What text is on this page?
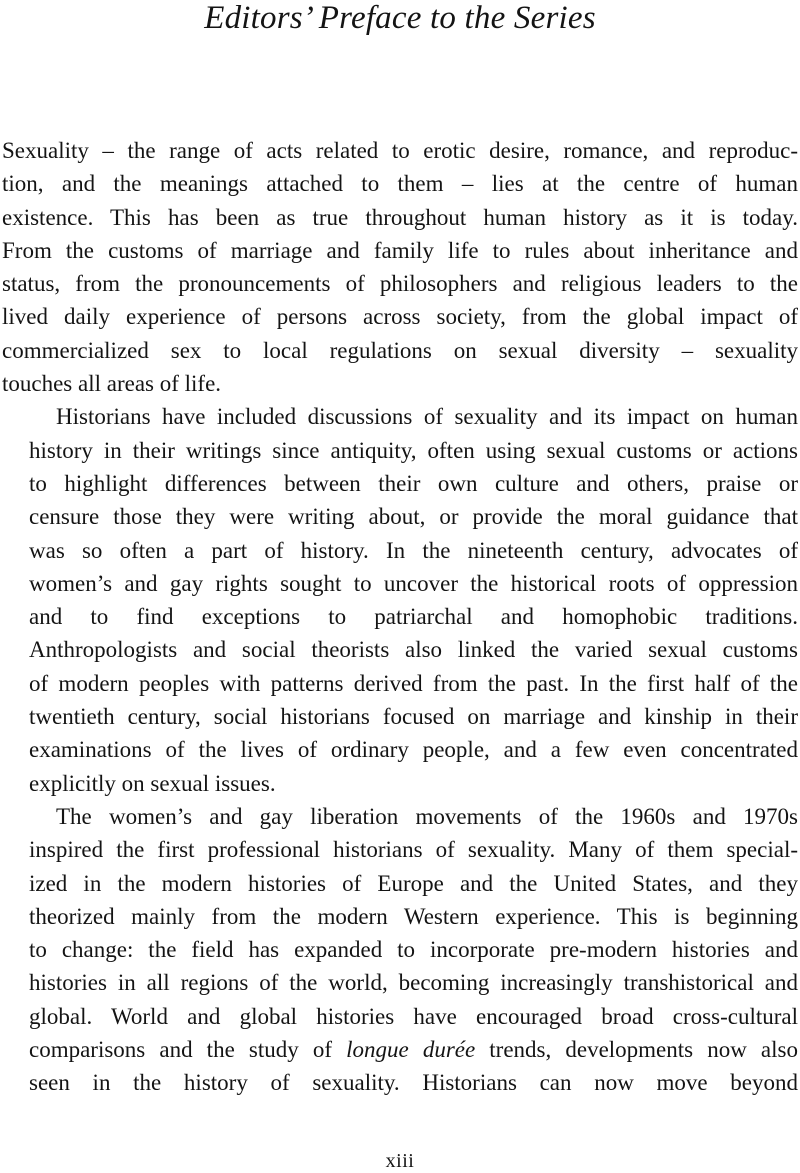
Editors’ Preface to the Series

Sexuality – the range of acts related to erotic desire, romance, and reproduc-
tion, and the meanings attached to them – lies at the centre of human
existence. This has been as true throughout human history as it is today.
From the customs of marriage and family life to rules about inheritance and
status, from the pronouncements of philosophers and religious leaders to the
lived daily experience of persons across society, from the global impact of
commercialized sex to local regulations on sexual diversity – sexuality
touches all areas of life.

Historians have included discussions of sexuality and its impact on human
history in their writings since antiquity, often using sexual customs or actions
to highlight differences between their own culture and others, praise or
censure those they were writing about, or provide the moral guidance that
was so often a part of history. In the nineteenth century, advocates of
women’s and gay rights sought to uncover the historical roots of oppression
and to find exceptions to patriarchal and homophobic traditions.
Anthropologists and social theorists also linked the varied sexual customs
of modern peoples with patterns derived from the past. In the first half of the
twentieth century, social historians focused on marriage and kinship in their
examinations of the lives of ordinary people, and a few even concentrated
explicitly on sexual issues.

The women’s and gay liberation movements of the 1960s and 1970s
inspired the first professional historians of sexuality. Many of them special-
ized in the modern histories of Europe and the United States, and they
theorized mainly from the modern Western experience. This is beginning
to change: the field has expanded to incorporate pre-modern histories and
histories in all regions of the world, becoming increasingly transhistorical and
global. World and global histories have encouraged broad cross-cultural
comparisons and the study of longue durée trends, developments now also
seen in the history of sexuality. Historians can now move beyond

xiii
